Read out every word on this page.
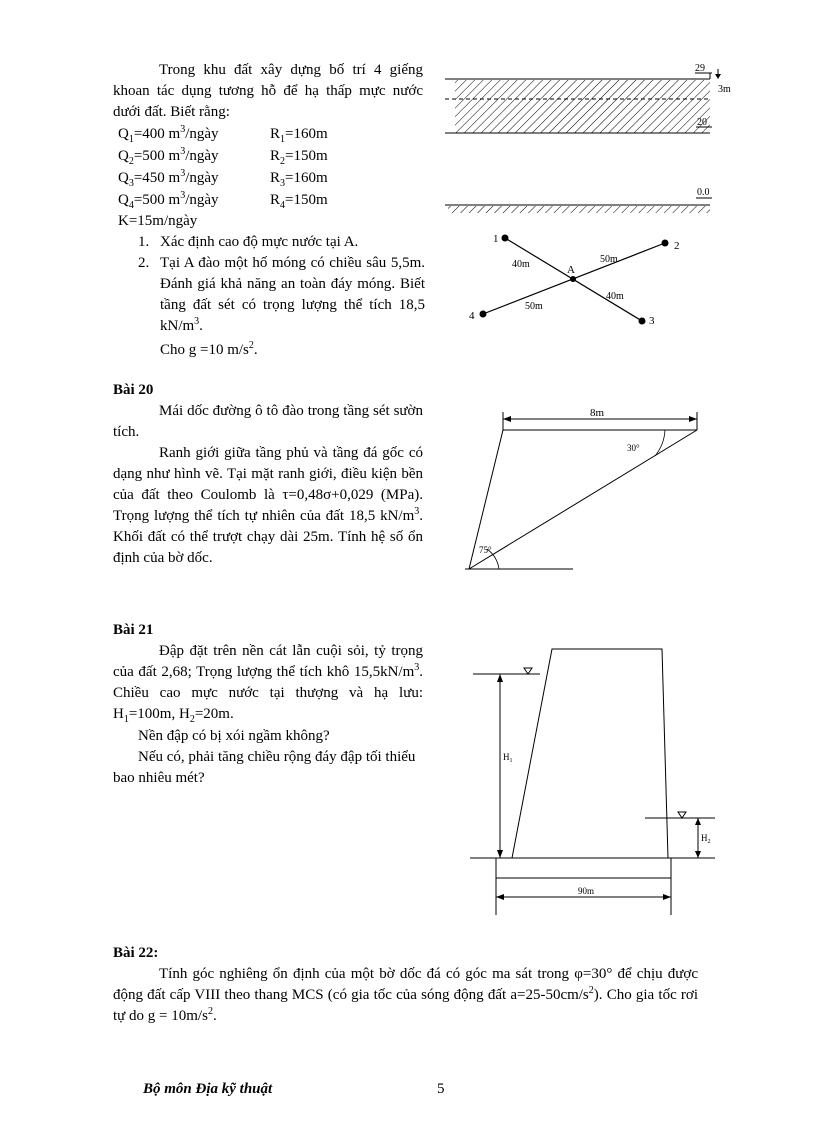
Trong khu đất xây dựng bố trí 4 giếng khoan tác dụng tương hỗ để hạ thấp mực nước dưới đất. Biết rằng:
$Q_1=400$ $m^3$/ngày	$R_1=160m$
$Q_2=500$ $m^3$/ngày	$R_2=150m$
$Q_3=450$ $m^3$/ngày	$R_3=160m$
$Q_4=500$ $m^3$/ngày	$R_4=150m$
K=15m/ngày
1. Xác định cao độ mực nước tại A.
2. Tại A đào một hố móng có chiều sâu 5,5m. Đánh giá khả năng an toàn đáy móng. Biết tầng đất sét có trọng lượng thể tích 18,5 $kN/m^3$.
Cho g =10 $m/s^2$.
29
3m
20
0.0
1
2
3
4
A
40m	50m
40m
50m
Bài 20
Mái dốc đường ô tô đào trong tầng sét sườn tích.
Ranh giới giữa tầng phủ và tầng đá gốc có dạng như hình vẽ. Tại mặt ranh giới, điều kiện bền của đất theo Coulomb là τ=0,48σ+0,029 (MPa). Trọng lượng thể tích tự nhiên của đất 18,5 $kN/m^3$. Khối đất có thể trượt chạy dài 25m. Tính hệ số ổn định của bờ dốc.
8m
30°
75°
Bài 21
Đập đặt trên nền cát lẫn cuội sỏi, tỷ trọng của đất 2,68; Trọng lượng thể tích khô $15,5kN/m^3$. Chiều cao mực nước tại thượng và hạ lưu: $H_1=100m$, $H_2=20m$.
Nền đập có bị xói ngầm không?
Nếu có, phải tăng chiều rộng đáy đập tối thiểu bao nhiêu mét?
$H_1$
$H_2$
90m
Bài 22:
Tính góc nghiêng ổn định của một bờ dốc đá có góc ma sát trong φ=30° để chịu được động đất cấp VIII theo thang MCS (có gia tốc của sóng động đất $a=25-50cm/s^2$). Cho gia tốc rơi tự do $g = 10m/s^2$.
Bộ môn Địa kỹ thuật	5
